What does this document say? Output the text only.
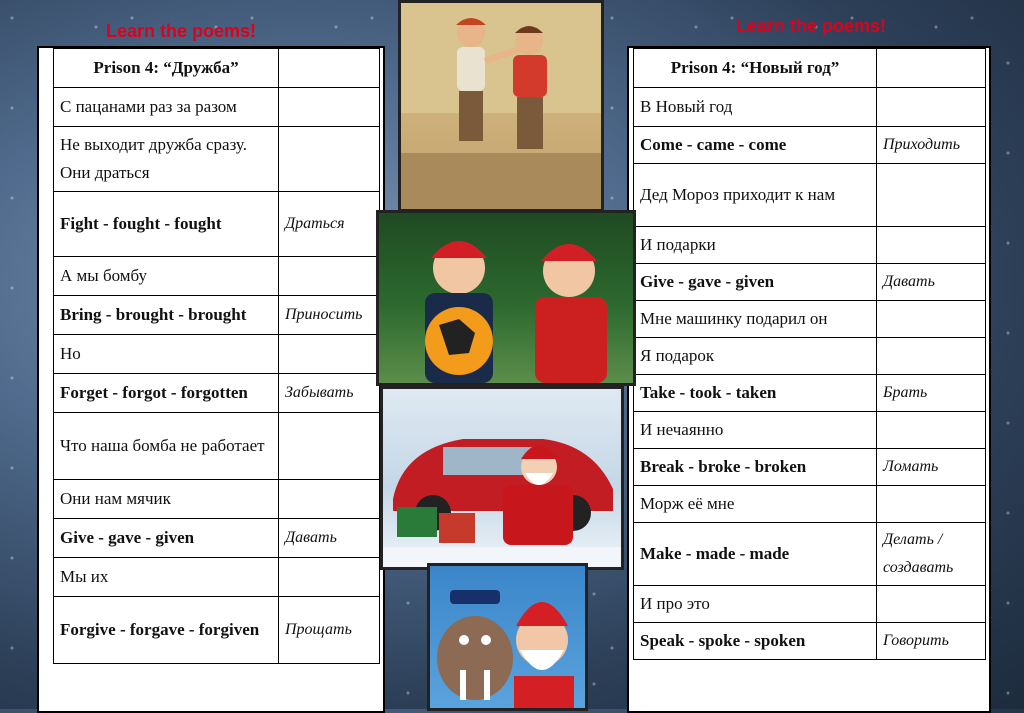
Learn the poems!	Learn the poems!
Prison 4: “Дружба”	
С пацанами раз за разом	
Не выходит дружба сразу.
Они драться	
Fight - fought - fought	Драться
А мы бомбу	
Bring - brought - brought	Приносить
Но	
Forget - forgot - forgotten	Забывать
Что наша бомба не работает	
Они нам мячик	
Give - gave - given	Давать
Мы их	
Forgive - forgave - forgiven	Прощать
Prison 4: “Новый год”	
В Новый год	
Come - came - come	Приходить
Дед Мороз приходит к нам	
И подарки	
Give - gave - given	Давать
Мне машинку подарил он	
Я подарок	
Take - took - taken	Брать
И нечаянно	
Break - broke - broken	Ломать
Морж её мне	
Make - made - made	Делать / создавать
И про это	
Speak - spoke - spoken	Говорить
